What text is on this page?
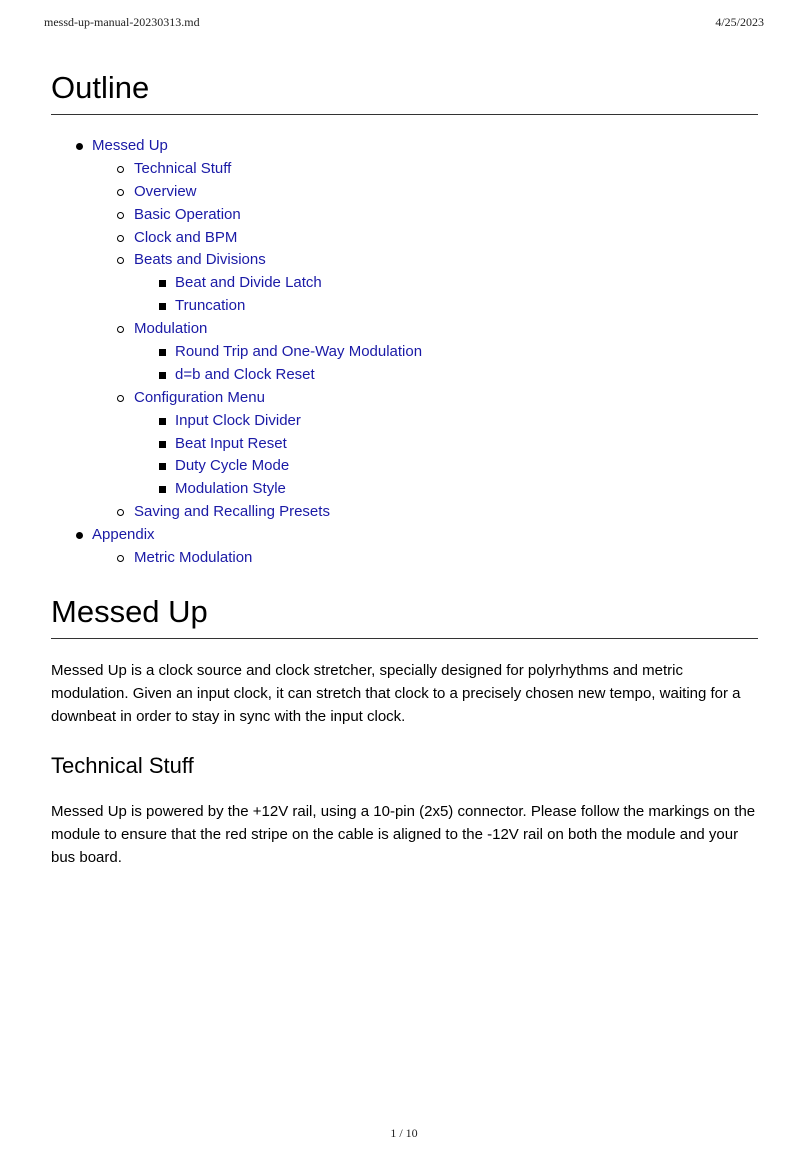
messd-up-manual-20230313.md	4/25/2023
Outline
Messed Up
Technical Stuff
Overview
Basic Operation
Clock and BPM
Beats and Divisions
Beat and Divide Latch
Truncation
Modulation
Round Trip and One-Way Modulation
d=b and Clock Reset
Configuration Menu
Input Clock Divider
Beat Input Reset
Duty Cycle Mode
Modulation Style
Saving and Recalling Presets
Appendix
Metric Modulation
Messed Up

Messed Up is a clock source and clock stretcher, specially designed for polyrhythms and metric modulation. Given an input clock, it can stretch that clock to a precisely chosen new tempo, waiting for a downbeat in order to stay in sync with the input clock.

Technical Stuff

Messed Up is powered by the +12V rail, using a 10-pin (2x5) connector. Please follow the markings on the module to ensure that the red stripe on the cable is aligned to the -12V rail on both the module and your bus board.

1 / 10
